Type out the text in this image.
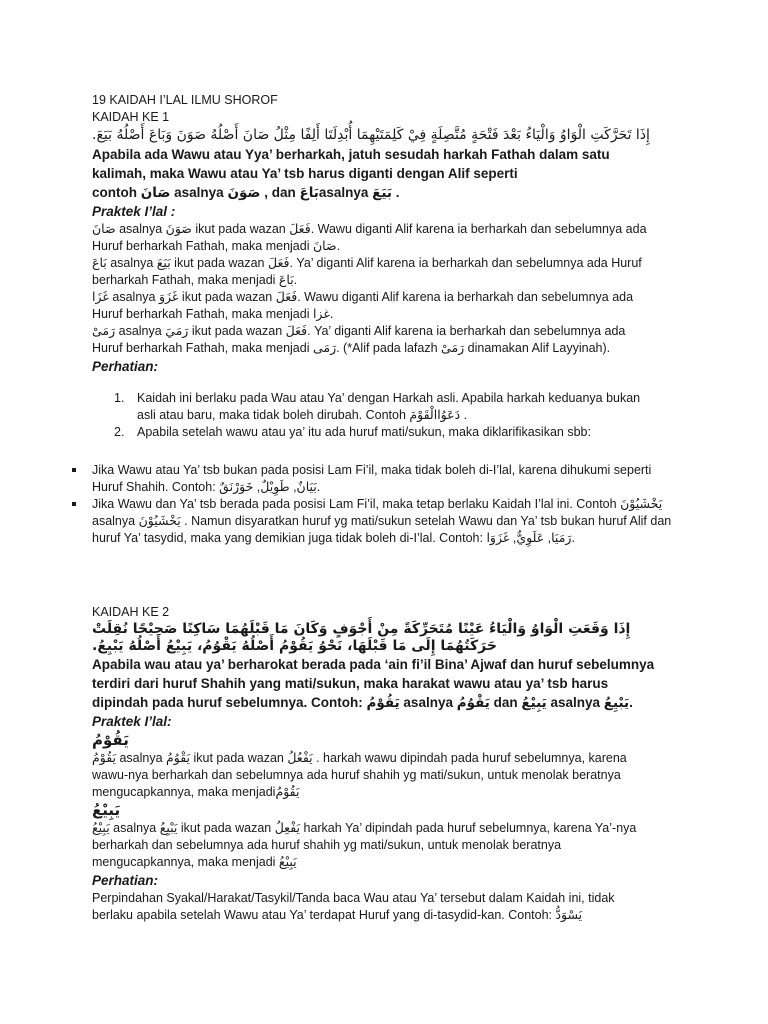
19 KAIDAH I’LAL ILMU SHOROF

KAIDAH KE 1

إِذَا تَحَرَّكَتِ الْوَاوُ وَالْيَاءُ بَعْدَ فَتْحَةٍ مُتَّصِلَةٍ فِيْ كَلِمَتَيْهِمَا أُبْدِلَتَا أَلِفًا مِثْلُ صَانَ أَصْلُهُ صَوَنَ وَبَاعَ أَصْلُهُ بَيَعَ.

Apabila ada Wawu atau Yya’ berharkah, jatuh sesudah harkah Fathah dalam satu kalimah, maka Wawu atau Ya’ tsb harus diganti dengan Alif seperti

contoh صَانَ asalnya صَوَنَ , dan بَاعَasalnya بَيَعَ .

Praktek I’lal :

صَانَ asalnya صَوَنَ ikut pada wazan فَعَلَ. Wawu diganti Alif karena ia berharkah dan sebelumnya ada Huruf berharkah Fathah, maka menjadi صَانَ.

بَاعَ asalnya بَيَعَ ikut pada wazan فَعَلَ. Ya’ diganti Alif karena ia berharkah dan sebelumnya ada Huruf berharkah Fathah, maka menjadi بَاعَ.

غَزَا asalnya غَزَوَ ikut pada wazan فَعَلَ. Wawu diganti Alif karena ia berharkah dan sebelumnya ada Huruf berharkah Fathah, maka menjadi غزا.

رَمَىْ asalnya رَمَيَ ikut pada wazan فَعَلَ. Ya’ diganti Alif karena ia berharkah dan sebelumnya ada Huruf berharkah Fathah, maka menjadi رَمَى. (*Alif pada lafazh رَمَىْ dinamakan Alif Layyinah).

Perhatian:

1. Kaidah ini berlaku pada Wau atau Ya’ dengan Harkah asli. Apabila harkah keduanya bukan asli atau baru, maka tidak boleh dirubah. Contoh دَعَوُاالْقَوْمَ .
2. Apabila setelah wawu atau ya’ itu ada huruf mati/sukun, maka diklarifikasikan sbb:
Jika Wawu atau Ya’ tsb bukan pada posisi Lam Fi’il, maka tidak boleh di-I’lal, karena dihukumi seperti Huruf Shahih. Contoh: بَيَانٌ, طَوِيْلٌ, خَوَرْنَقٌ.
Jika Wawu dan Ya’ tsb berada pada posisi Lam Fi’il, maka tetap berlaku Kaidah I’lal ini. Contoh يَخْشَيُوْنَ asalnya يَخْشَيُوْنَ . Namun disyaratkan huruf yg mati/sukun setelah Wawu dan Ya’ tsb bukan huruf Alif dan huruf Ya’ tasydid, maka yang demikian juga tidak boleh di-I’lal. Contoh: رَمَيَا, عَلَوِيٌّ, غَزَوَا.

KAIDAH KE 2

إِذَا وَقَعَتِ الْوَاوُ وَالْيَاءُ عَيْنًا مُتَحَرِّكَةً مِنْ أَجْوَفٍ وَكَانَ مَا قَبْلَهُمَا سَاكِنًا صَحِيْحًا نُقِلَتْ حَرَكَتُهُمَا إِلَى مَا قَبْلَهَا، نَحْوُ يَقُوْمُ أَصْلُهُ يَقْوُمُ، يَبِيْعُ أَصْلُهُ يَبْيِعُ.

Apabila wau atau ya’ berharokat berada pada ‘ain fi’il Bina’ Ajwaf dan huruf sebelumnya terdiri dari huruf Shahih yang mati/sukun, maka harakat wawu atau ya’ tsb harus dipindah pada huruf sebelumnya. Contoh: يَقُوْمُ asalnya يَقْوُمُ dan يَبِيْعُ asalnya يَبْيِعُ.

Praktek I’lal:

يَقُوْمُ

يَقُوْمُ asalnya يَقْوُمُ ikut pada wazan يَفْعُلُ . harkah wawu dipindah pada huruf sebelumnya, karena wawu-nya berharkah dan sebelumnya ada huruf shahih yg mati/sukun, untuk menolak beratnya mengucapkannya, maka menjadiيَقُوْمُ

يَبِيْعُ

يَبِيْعُ asalnya يَبْيِعُ ikut pada wazan يَفْعِلُ harkah Ya’ dipindah pada huruf sebelumnya, karena Ya’-nya berharkah dan sebelumnya ada huruf shahih yg mati/sukun, untuk menolak beratnya mengucapkannya, maka menjadi يَبِيْعُ

Perhatian:

Perpindahan Syakal/Harakat/Tasykil/Tanda baca Wau atau Ya’ tersebut dalam Kaidah ini, tidak berlaku apabila setelah Wawu atau Ya’ terdapat Huruf yang di-tasydid-kan. Contoh: يَسْوَدُّ
